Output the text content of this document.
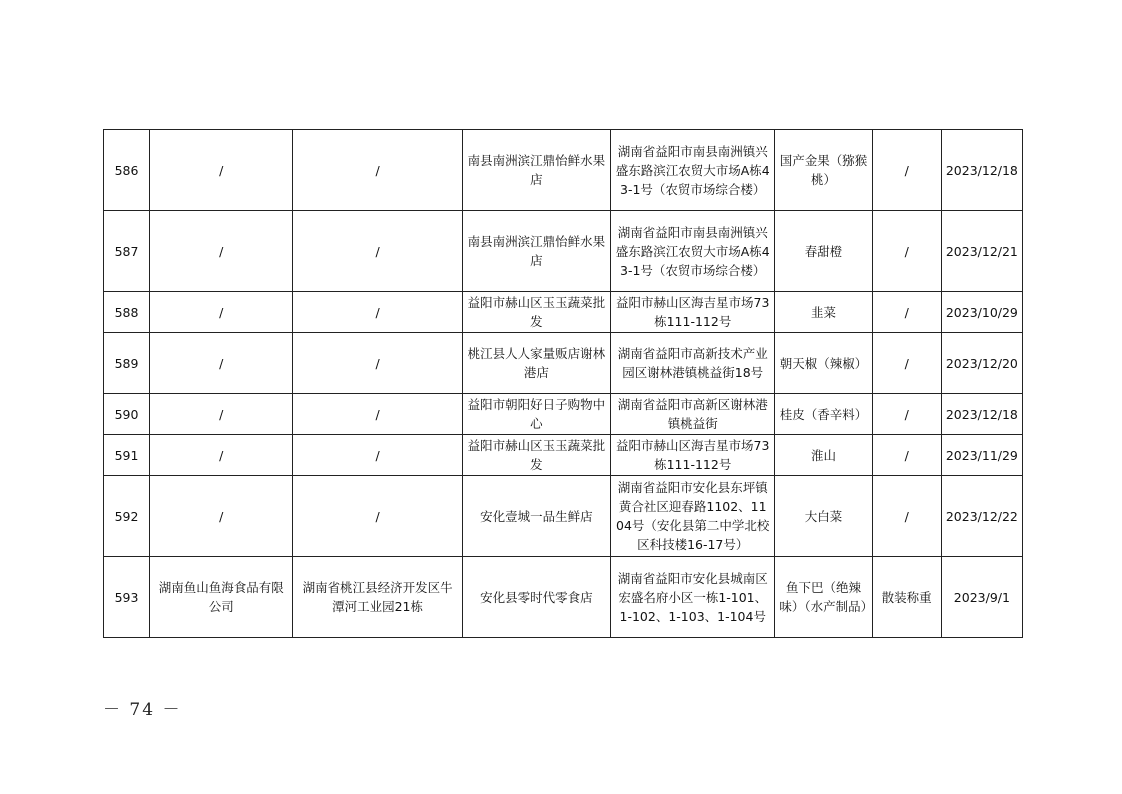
586	/	/	南县南洲滨江鼎怡鲜水果店	湖南省益阳市南县南洲镇兴盛东路滨江农贸大市场A栋43-1号（农贸市场综合楼）	国产金果（猕猴桃）	/	2023/12/18
587	/	/	南县南洲滨江鼎怡鲜水果店	湖南省益阳市南县南洲镇兴盛东路滨江农贸大市场A栋43-1号（农贸市场综合楼）	春甜橙	/	2023/12/21
588	/	/	益阳市赫山区玉玉蔬菜批发	益阳市赫山区海吉星市场73栋111-112号	韭菜	/	2023/10/29
589	/	/	桃江县人人家量贩店谢林港店	湖南省益阳市高新技术产业园区谢林港镇桃益街18号	朝天椒（辣椒）	/	2023/12/20
590	/	/	益阳市朝阳好日子购物中心	湖南省益阳市高新区谢林港镇桃益街	桂皮（香辛料）	/	2023/12/18
591	/	/	益阳市赫山区玉玉蔬菜批发	益阳市赫山区海吉星市场73栋111-112号	淮山	/	2023/11/29
592	/	/	安化壹城一品生鲜店	湖南省益阳市安化县东坪镇黄合社区迎春路1102、1104号（安化县第二中学北校区科技楼16-17号）	大白菜	/	2023/12/22
593	湖南鱼山鱼海食品有限公司	湖南省桃江县经济开发区牛潭河工业园21栋	安化县零时代零食店	湖南省益阳市安化县城南区宏盛名府小区一栋1-101、1-102、1-103、1-104号	鱼下巴（绝辣味）（水产制品）	散装称重	2023/9/1
－ 74 －
